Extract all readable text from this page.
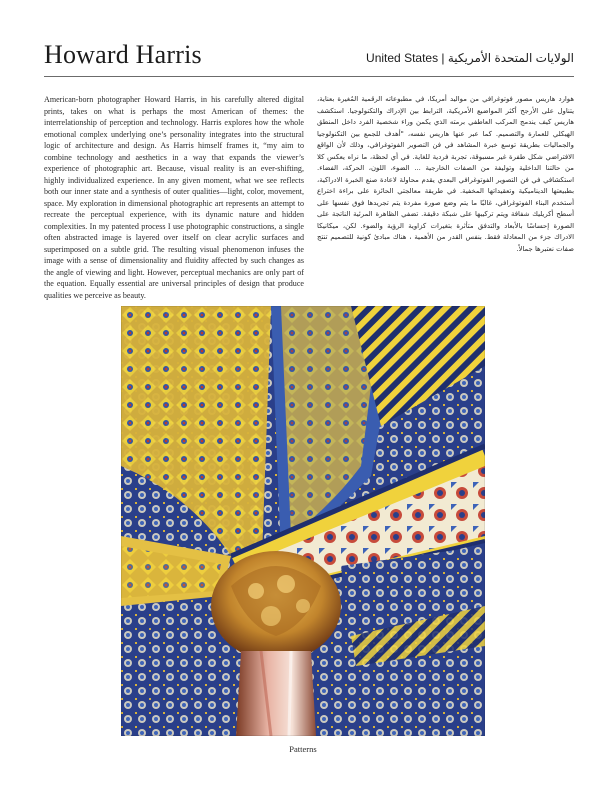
Howard Harris	United States | الولايات المتحدة الأمريكية

American-born photographer Howard Harris, in his carefully altered digital prints, takes on what is perhaps the most American of themes: the interrelationship of perception and technology. Harris explores how the whole emotional complex underlying one’s personality integrates into the structural logic of architecture and design. As Harris himself frames it, “my aim to combine technology and aesthetics in a way that expands the viewer’s experience of photographic art. Because, visual reality is an ever-shifting, highly individualized experience. In any given moment, what we see reflects both our inner state and a synthesis of outer qualities—light, color, movement, space. My exploration in dimensional photographic art represents an attempt to recreate the perceptual experience, with its dynamic nature and hidden complexities. In my patented process I use photographic constructions, a single often abstracted image is layered over itself on clear acrylic surfaces and superimposed on a subtle grid. The resulting visual phenomenon infuses the image with a sense of dimensionality and fluidity affected by such changes as the angle of viewing and light. However, perceptual mechanics are only part of the equation. Equally essential are universal principles of design that produce qualities we perceive as beauty.

هوارد هاريس مصور فوتوغرافي من مواليد أمريكا، في مطبوعاته الرقمية المُغيرة بعناية، يتناول على الأرجح أكثر المواضيع الأمريكية، الترابط بين الإدراك والتكنولوجيا. استكشف هاريس كيف يندمج المركب العاطفي برمته الذي يكمن وراء شخصية الفرد داخل المنطق الهيكلي للعمارة والتصميم. كما عبر عنها هاريس نفسه، "أهدف للجمع بين التكنولوجيا والجماليات بطريقة توسع خبرة المشاهد في فن التصوير الفوتوغرافي، وذلك لأن الواقع الافتراضي شكل طفرة غير مسبوقة، تجربة فردية للغاية. في أي لحظة، ما نراه يعكس كلا من حالتنا الداخلية وتوليفة من الصفات الخارجية ... الضوء، اللون، الحركة، الفضاء. استكشافي في فن التصوير الفوتوغرافي البعدي يقدم محاولة لاعادة صنع الخبرة الادراكية، بطبيعتها الديناميكية وتعقيداتها المخفية. في طريقة معالجتي الحائزة على براءة اختراع أستخدم البناء الفوتوغرافي، غالبًا ما يتم وضع صورة مفردة يتم تجريدها فوق نفسها على أسطح أكريليك شفافة ويتم تركيبها على شبكة دقيقة. تضفي الظاهرة المرئية الناتجة على الصورة إحساسًا بالأبعاد والتدفق متأثرة بتغيرات كزاوية الرؤية والضوء. لكن، ميكانيكا الادراك جزء من المعادلة فقط. بنفس القدر من الأهمية ، هناك مبادئ كونية للتصميم تنتج صفات نعتبرها جمالاً.

Patterns
